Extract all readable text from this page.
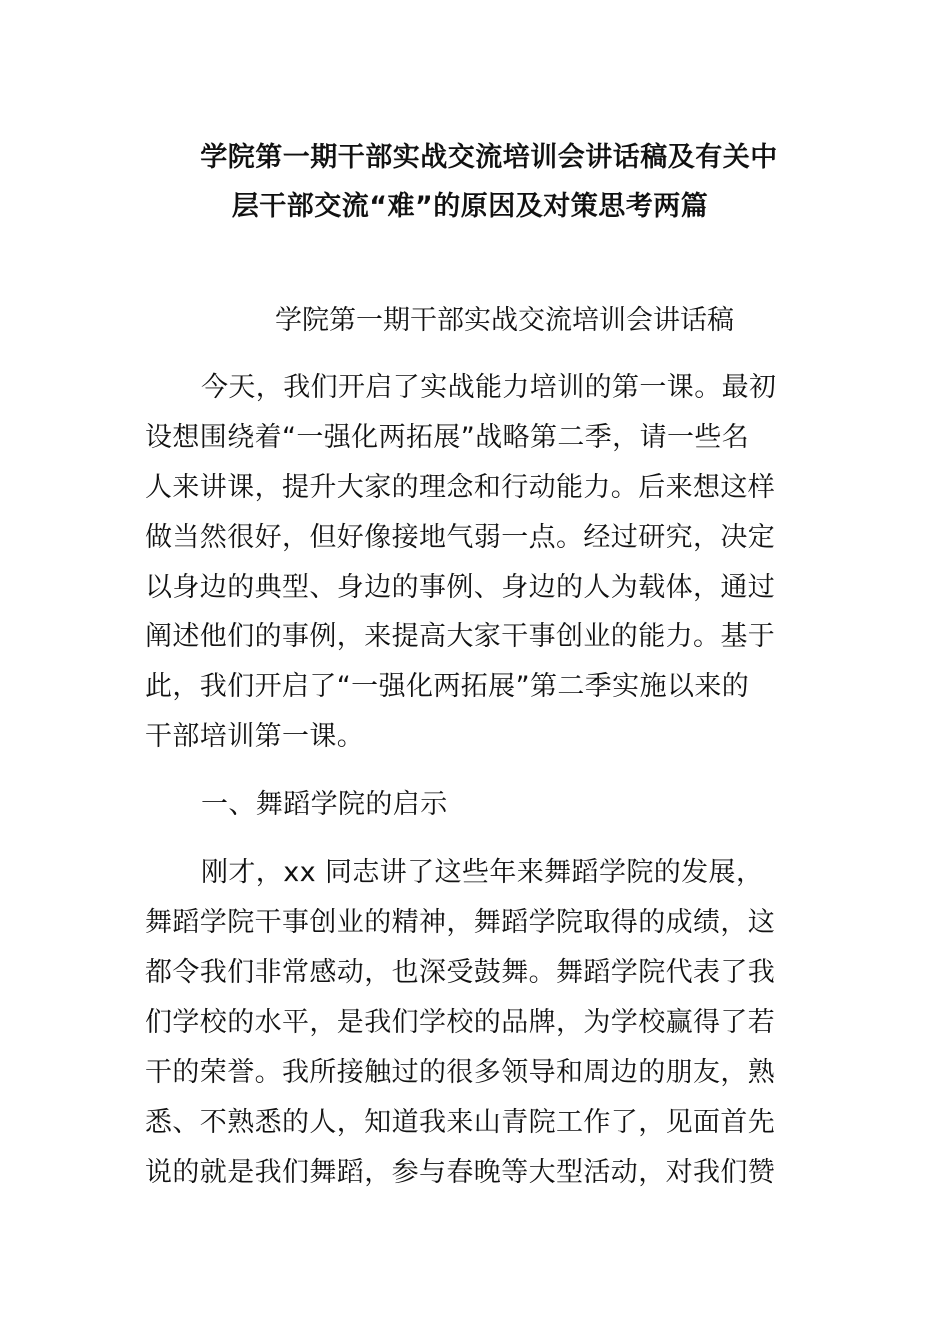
学院第一期干部实战交流培训会讲话稿及有关中
层干部交流“难”的原因及对策思考两篇
学院第一期干部实战交流培训会讲话稿
今天，我们开启了实战能力培训的第一课。最初
设想围绕着“一强化两拓展”战略第二季，请一些名
人来讲课，提升大家的理念和行动能力。后来想这样
做当然很好，但好像接地气弱一点。经过研究，决定
以身边的典型、身边的事例、身边的人为载体，通过
阐述他们的事例，来提高大家干事创业的能力。基于
此，我们开启了“一强化两拓展”第二季实施以来的
干部培训第一课。
一、舞蹈学院的启示
刚才，xx 同志讲了这些年来舞蹈学院的发展，
舞蹈学院干事创业的精神，舞蹈学院取得的成绩，这
都令我们非常感动，也深受鼓舞。舞蹈学院代表了我
们学校的水平，是我们学校的品牌，为学校赢得了若
干的荣誉。我所接触过的很多领导和周边的朋友，熟
悉、不熟悉的人，知道我来山青院工作了，见面首先
说的就是我们舞蹈，参与春晚等大型活动，对我们赞
